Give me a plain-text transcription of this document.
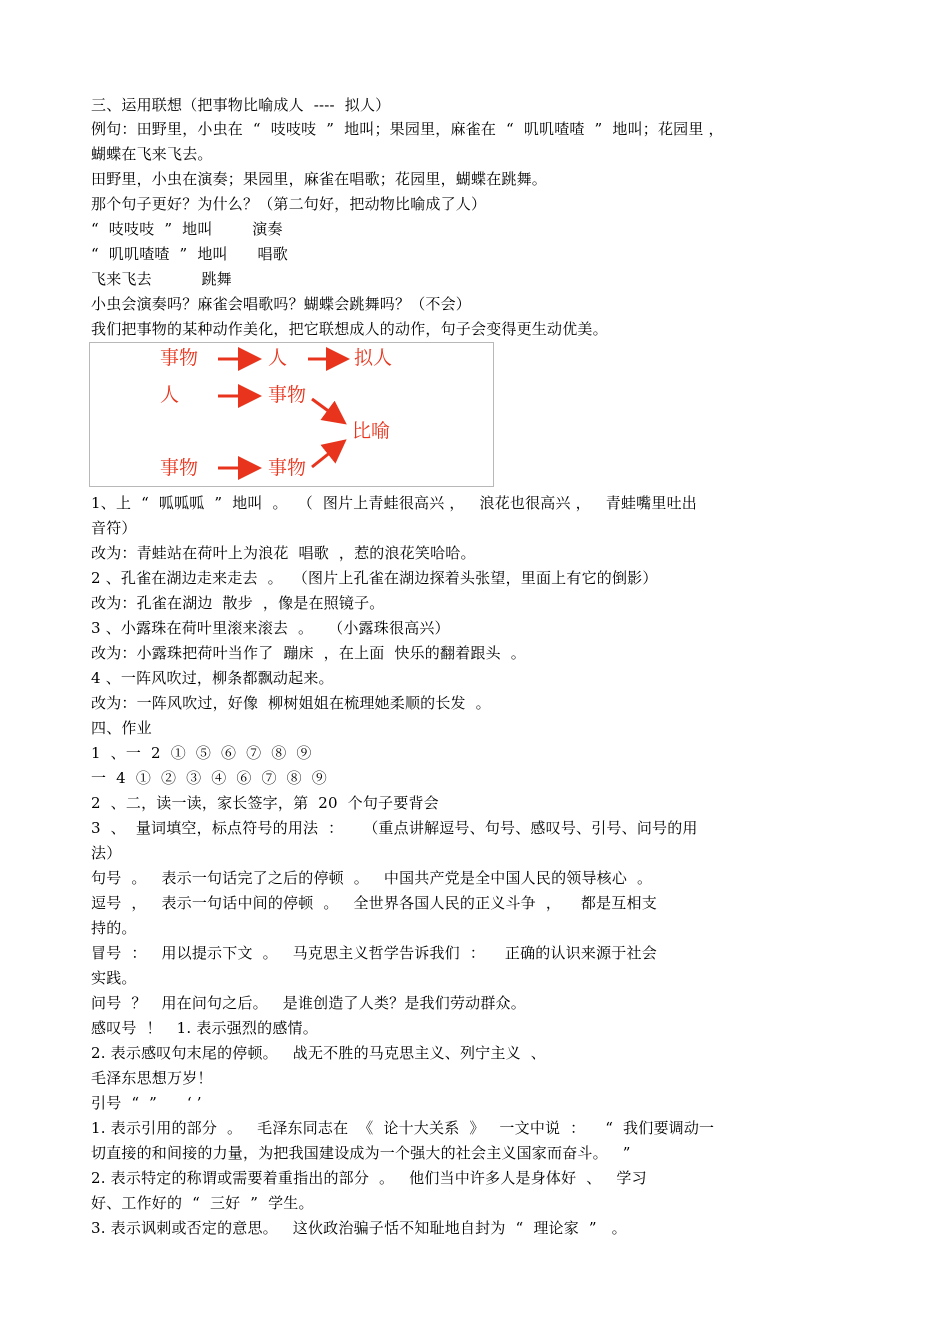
三、运用联想（把事物比喻成人  ----  拟人）
例句：田野里，小虫在  “  吱吱吱  ”  地叫；果园里，麻雀在  “  叽叽喳喳  ”  地叫；花园里 ，
蝴蝶在飞来飞去。
田野里，小虫在演奏；果园里，麻雀在唱歌；花园里，蝴蝶在跳舞。
那个句子更好？为什么？（第二句好，把动物比喻成了人）
“  吱吱吱  ”  地叫        演奏
“  叽叽喳喳  ”  地叫      唱歌
飞来飞去          跳舞
小虫会演奏吗？麻雀会唱歌吗？蝴蝶会跳舞吗？（不会）
我们把事物的某种动作美化，把它联想成人的动作，句子会变得更生动优美。
1、上  “  呱呱呱  ”  地叫  。  （  图片上青蛙很高兴 ，   浪花也很高兴 ，   青蛙嘴里吐出
音符）
改为：青蛙站在荷叶上为浪花  唱歌  ，惹的浪花笑哈哈。
2 、孔雀在湖边走来走去  。  （图片上孔雀在湖边探着头张望，里面上有它的倒影）
改为：孔雀在湖边  散步  ，像是在照镜子。
3 、小露珠在荷叶里滚来滚去  。   （小露珠很高兴）
改为：小露珠把荷叶当作了  蹦床  ，在上面  快乐的翻着跟头  。
4 、一阵风吹过，柳条都飘动起来。
改为：一阵风吹过，好像  柳树姐姐在梳理她柔顺的长发  。
四、作业
1  、一  2  ①  ⑤  ⑥  ⑦  ⑧  ⑨
一  4  ①  ②  ③  ④  ⑥  ⑦  ⑧  ⑨
2  、二，读一读，家长签字，第  20  个句子要背会
3  、  量词填空，标点符号的用法  ：    （重点讲解逗号、句号、感叹号、引号、问号的用
法）
句号  。   表示一句话完了之后的停顿  。   中国共产党是全中国人民的领导核心  。
逗号  ，   表示一句话中间的停顿  。   全世界各国人民的正义斗争  ，    都是互相支
持的。
冒号  ：   用以提示下文  。   马克思主义哲学告诉我们  ：    正确的认识来源于社会
实践。
问号  ？   用在问句之后。   是谁创造了人类？是我们劳动群众。
感叹号  ！   1. 表示强烈的感情。
2. 表示感叹句末尾的停顿。   战无不胜的马克思主义、列宁主义  、
毛泽东思想万岁！
引号  “  ”      ‘ ’
1. 表示引用的部分  。   毛泽东同志在  《  论十大关系  》   一文中说  ：    “  我们要调动一
切直接的和间接的力量，为把我国建设成为一个强大的社会主义国家而奋斗。   ”
2. 表示特定的称谓或需要着重指出的部分  。   他们当中许多人是身体好  、   学习
好、工作好的  “  三好  ”  学生。
3. 表示讽刺或否定的意思。   这伙政治骗子恬不知耻地自封为  “  理论家  ”   。
事物	人	拟人
人	事物
比喻
事物	事物
